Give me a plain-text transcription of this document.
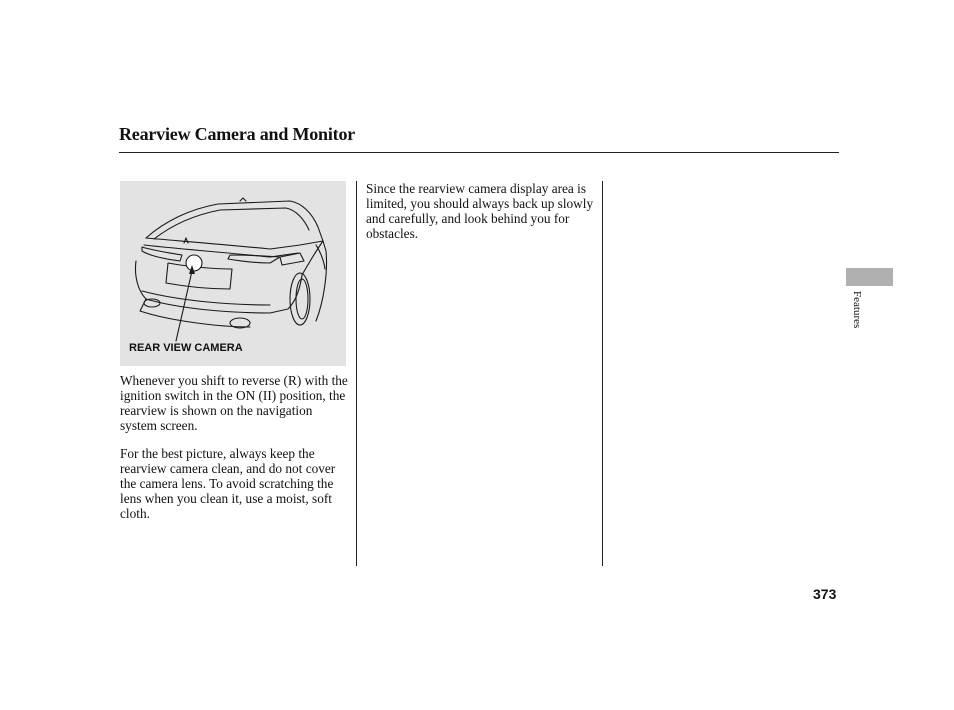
Rearview Camera and Monitor
REAR VIEW CAMERA

Whenever you shift to reverse (R) with the ignition switch in the ON (II) position, the rearview is shown on the navigation system screen.

For the best picture, always keep the rearview camera clean, and do not cover the camera lens. To avoid scratching the lens when you clean it, use a moist, soft cloth.

Since the rearview camera display area is limited, you should always back up slowly and carefully, and look behind you for obstacles.

Features
373
